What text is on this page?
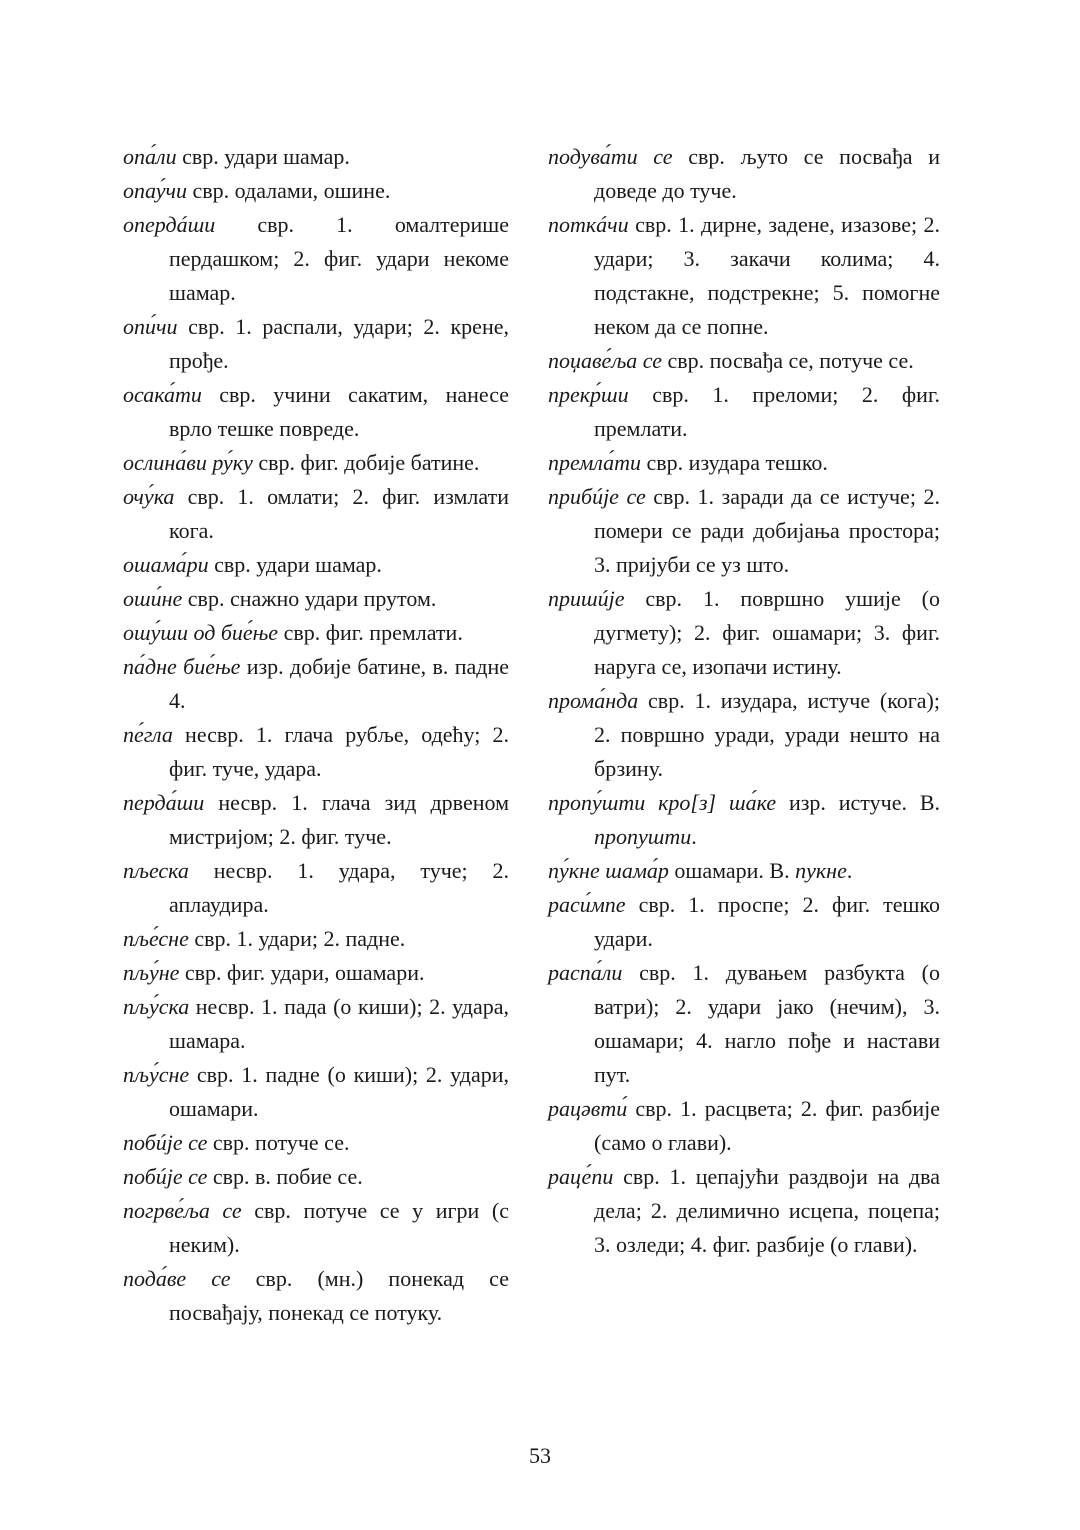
опа́ли свр. удари шамар.

опау́чи свр. одалами, ошине.

опердáши свр. 1. омалтерише пердашком; 2. фиг. удари некоме шамар.

опи́чи свр. 1. распали, удари; 2. крене, прође.

осака́ти свр. учини сакатим, нанесе врло тешке повреде.

ослина́ви ру́ку свр. фиг. добије батине.

очу́ка свр. 1. омлати; 2. фиг. измлати кога.

ошама́ри свр. удари шамар.

оши́не свр. снажно удари прутом.

ошу́ши од бие́ње свр. фиг. премлати.

па́дне бие́ње изр. добије батине, в. падне 4.

пе́гла несвр. 1. глача рубље, одећу; 2. фиг. туче, удара.

перда́ши несвр. 1. глача зид дрвеном мистријом; 2. фиг. туче.

пљеска несвр. 1. удара, туче; 2. аплаудира.

пље́сне свр. 1. удари; 2. падне.

пљу́не свр. фиг. удари, ошамари.

пљу́ска несвр. 1. пада (о киши); 2. удара, шамара.

пљу́сне свр. 1. падне (о киши); 2. удари, ошамари.

побúје се свр. потуче се.

побúје се свр. в. побие се.

погрве́ља се свр. потуче се у игри (с неким).

пода́ве се свр. (мн.) понекад се посвађају, понекад се потуку.

подува́ти се свр. љуто се посвађа и доведе до туче.

поткáчи свр. 1. дирне, задене, изазове; 2. удари; 3. закачи колима; 4. подстакне, подстрекне; 5. помогне неком да се попне.

поџаве́ља се свр. посвађа се, потуче се.

прекр́ши свр. 1. преломи; 2. фиг. премлати.

премла́ти свр. изудара тешко.

прибúје се свр. 1. заради да се истуче; 2. помери се ради добијања простора; 3. пријуби се уз што.

пришúје свр. 1. површно ушије (о дугмету); 2. фиг. ошамари; 3. фиг. наруга се, изопачи истину.

прома́нда свр. 1. изудара, истуче (кога); 2. површно уради, уради нешто на брзину.

пропу́шти кро[з] ша́ке изр. истуче. В. пропушти.

пу́кне шама́р ошамари. В. пукне.

раси́мпе свр. 1. проспе; 2. фиг. тешко удари.

распа́ли свр. 1. дувањем разбукта (о ватри); 2. удари јако (нечим), 3. ошамари; 4. нагло пође и настави пут.

рацәвти́ свр. 1. расцвета; 2. фиг. разбије (само о глави).

раце́пи свр. 1. цепајући раздвоји на два дела; 2. делимично исцепа, поцепа; 3. озледи; 4. фиг. разбије (о глави).

53
